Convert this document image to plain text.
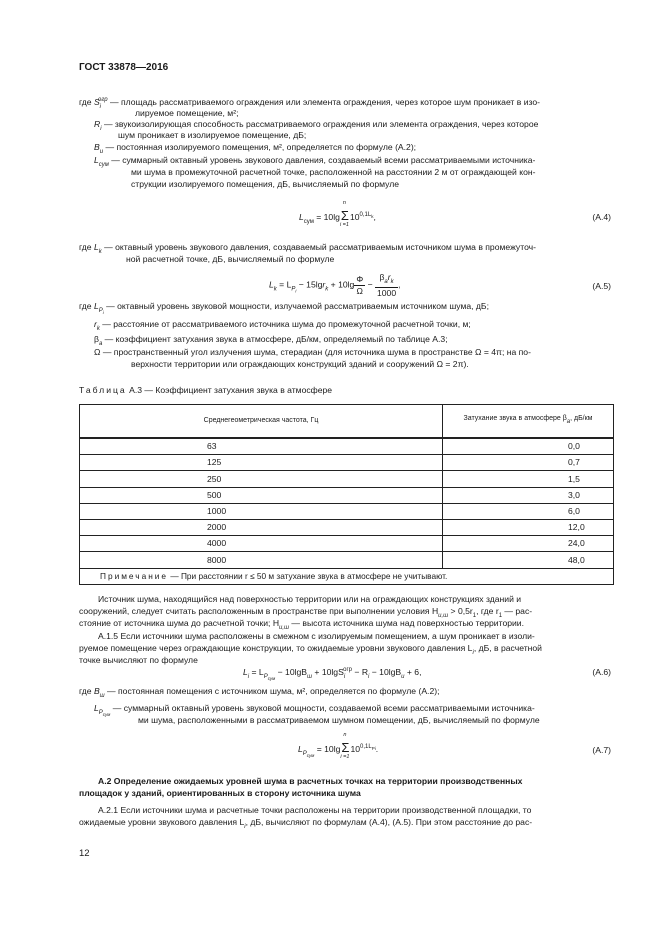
ГОСТ 33878—2016
где $S_i^{огр}$ — площадь рассматриваемого ограждения или элемента ограждения, через которое шум проникает в изо-
лируемое помещение, м²;
$R_i$ — звукоизолирующая способность рассматриваемого ограждения или элемента ограждения, через которое
шум проникает в изолируемое помещение, дБ;
$B_и$ — постоянная изолируемого помещения, м², определяется по формуле (А.2);
$L_{сум}$ — суммарный октавный уровень звукового давления, создаваемый всеми рассматриваемыми источника-
ми шума в промежуточной расчетной точке, расположенной на расстоянии 2 м от ограждающей кон-
струкции изолируемого помещения, дБ, вычисляемый по формуле
$L_{сум} = 10\lg\Sigma$
n
i =1
$10^{0,1Lk}$,	(А.4)
где $L_k$ — октавный уровень звукового давления, создаваемый рассматриваемым источником шума в промежуточ-
ной расчетной точке, дБ, вычисляемый по формуле
$L_k = L_{Pi} - 15\lg r_k + 10\lg \frac{\Phi}{\Omega} - \frac{\beta_ar_k}{1000}$ ,	(А.5)
где $L_{Pi}$ — октавный уровень звуковой мощности, излучаемой рассматриваемым источником шума, дБ;
$r_k$ — расстояние от рассматриваемого источника шума до промежуточной расчетной точки, м;
$\beta_a$ — коэффициент затухания звука в атмосфере, дБ/км, определяемый по таблице А.3;
Ω — пространственный угол излучения шума, стерадиан (для источника шума в пространстве Ω = 4π; на по-
верхности территории или ограждающих конструкций зданий и сооружений Ω = 2π).
Таблица А.3 — Коэффициент затухания звука в атмосфере
Среднегеометрическая частота, Гц	Затухание звука в атмосфере βa, дБ/км
63	0,0
125	0,7
250	1,5
500	3,0
1000	6,0
2000	12,0
4000	24,0
8000	48,0
Примечание — При расстоянии r ≤ 50 м затухание звука в атмосфере не учитывают.	
Источник шума, находящийся над поверхностью территории или на ограждающих конструкциях зданий и
сооружений, следует считать расположенным в пространстве при выполнении условия $H_{и,ш} > 0,5r_1$, где $r_1$ — рас-
стояние от источника шума до расчетной точки; $H_{и,ш}$ — высота источника шума над поверхностью территории.
А.1.5 Если источники шума расположены в смежном с изолируемым помещением, а шум проникает в изоли-
руемое помещение через ограждающие конструкции, то ожидаемые уровни звукового давления $L_i$, дБ, в расчетной
точке вычисляют по формуле
$L_i = L_{Pсум} - 10\lg B_ш + 10\lg S_i^{огр} - R_i - 10\lg B_и + 6$,	(А.6)
где $B_ш$ — постоянная помещения с источником шума, м², определяется по формуле (А.2);
$L_{Pсум}$ — суммарный октавный уровень звуковой мощности, создаваемой всеми рассматриваемыми источника-
ми шума, расположенными в рассматриваемом шумном помещении, дБ, вычисляемый по формуле
$L_{Pсум} = 10\lg\Sigma$
n
i =1
$10^{0,1LPi}$.	(А.7)
А.2 Определение ожидаемых уровней шума в расчетных точках на территории производственных
площадок у зданий, ориентированных в сторону источника шума
А.2.1 Если источники шума и расчетные точки расположены на территории производственной площадки, то
ожидаемые уровни звукового давления $L_i$, дБ, вычисляют по формулам (А.4), (А.5). При этом расстояние до рас-
12
